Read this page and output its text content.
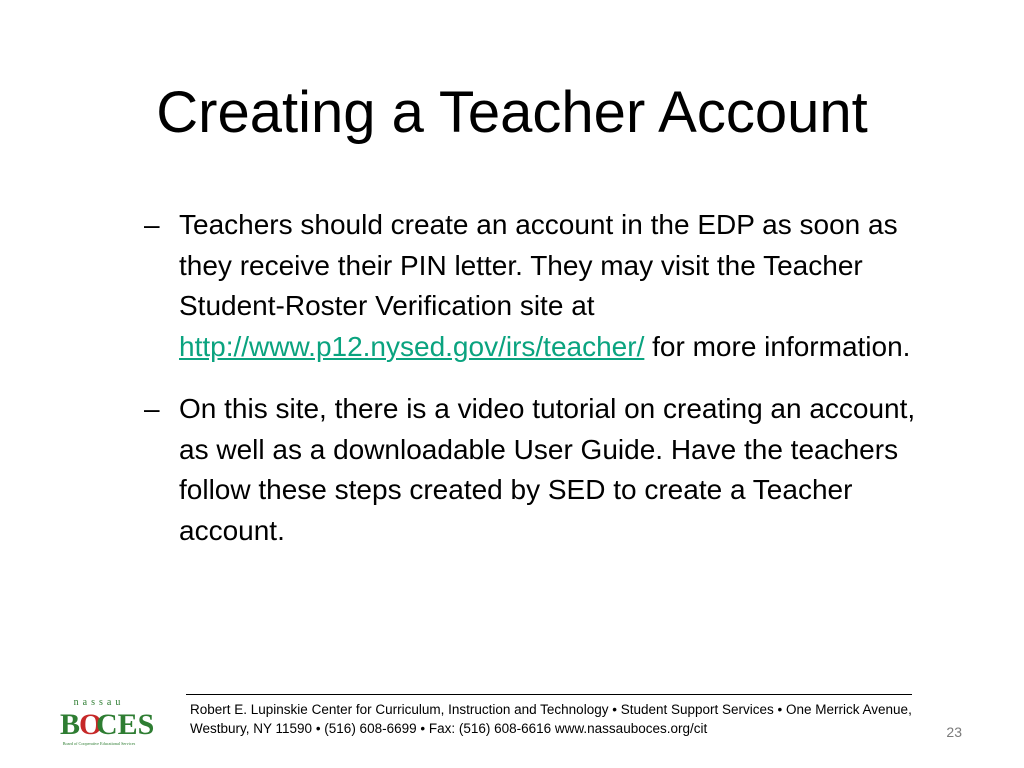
Creating a Teacher Account
– Teachers should create an account in the EDP as soon as they receive their PIN letter. They may visit the Teacher Student-Roster Verification site at http://www.p12.nysed.gov/irs/teacher/ for more information.
– On this site, there is a video tutorial on creating an account, as well as a downloadable User Guide. Have the teachers follow these steps created by SED to create a Teacher account.
nassau
B
O
CES
Board of Cooperative Educational Services

Robert E. Lupinskie Center for Curriculum, Instruction and Technology • Student Support Services • One Merrick Avenue, Westbury, NY 11590 • (516) 608-6699 • Fax: (516) 608-6616 www.nassauboces.org/cit	23
